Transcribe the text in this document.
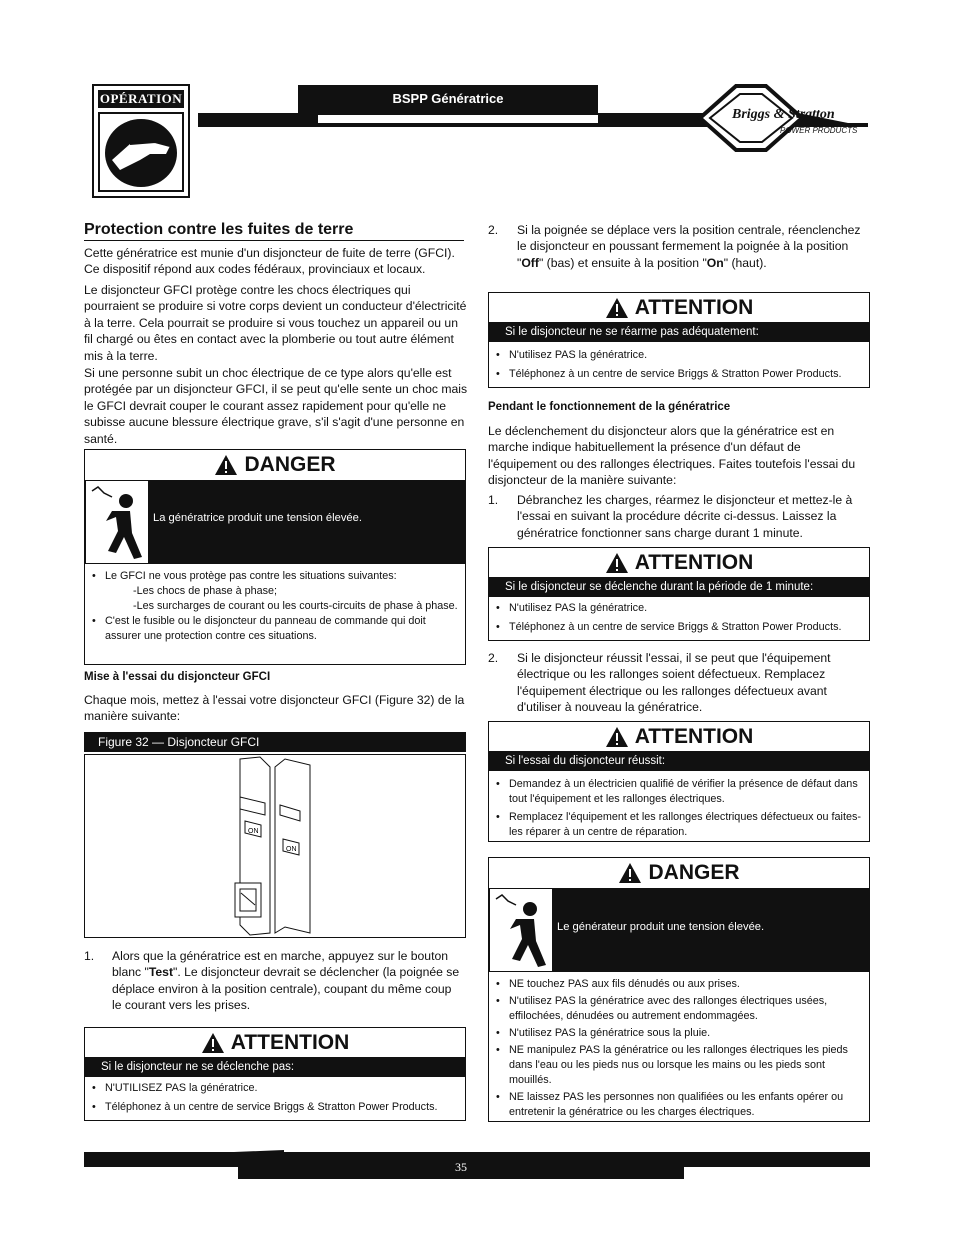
OPÉRATION	BSPP Génératrice
Briggs & Stratton
POWER PRODUCTS
Protection contre les fuites de terre
Cette génératrice est munie d'un disjoncteur de fuite de terre (GFCI). Ce dispositif répond aux codes fédéraux, provinciaux et locaux.
Le disjoncteur GFCI protège contre les chocs électriques qui pourraient se produire si votre corps devient un conducteur d'électricité à la terre. Cela pourrait se produire si vous touchez un appareil ou un fil chargé ou êtes en contact avec la plomberie ou tout autre élément mis à la terre.
Si une personne subit un choc électrique de ce type alors qu'elle est protégée par un disjoncteur GFCI, il se peut qu'elle sente un choc mais le GFCI devrait couper le courant assez rapidement pour qu'elle ne subisse aucune blessure électrique grave, s'il s'agit d'une personne en santé.
DANGER
La génératrice produit une tension élevée.
• Le GFCI ne vous protège pas contre les situations suivantes:
-Les chocs de phase à phase;
-Les surcharges de courant ou les courts-circuits de phase à phase.
• C'est le fusible ou le disjoncteur du panneau de commande qui doit assurer une protection contre ces situations.
Mise à l'essai du disjoncteur GFCI
Chaque mois, mettez à l'essai votre disjoncteur GFCI (Figure 32) de la manière suivante:
Figure 32 — Disjoncteur GFCI
ON
ON
1. Alors que la génératrice est en marche, appuyez sur le bouton blanc "Test". Le disjoncteur devrait se déclencher (la poignée se déplace environ à la position centrale), coupant du même coup le courant vers les prises.
ATTENTION
Si le disjoncteur ne se déclenche pas:
• N'UTILISEZ PAS la génératrice.
• Téléphonez à un centre de service Briggs & Stratton Power Products.
2. Si la poignée se déplace vers la position centrale, réenclenchez le disjoncteur en poussant fermement la poignée à la position "Off" (bas) et ensuite à la position "On" (haut).
ATTENTION
Si le disjoncteur ne se réarme pas adéquatement:
• N'utilisez PAS la génératrice.
• Téléphonez à un centre de service Briggs & Stratton Power Products.
Pendant le fonctionnement de la génératrice
Le déclenchement du disjoncteur alors que la génératrice est en marche indique habituellement la présence d'un défaut de l'équipement ou des rallonges électriques. Faites toutefois l'essai du disjoncteur de la manière suivante:
1. Débranchez les charges, réarmez le disjoncteur et mettez-le à l'essai en suivant la procédure décrite ci-dessus. Laissez la génératrice fonctionner sans charge durant 1 minute.
ATTENTION
Si le disjoncteur se déclenche durant la période de 1 minute:
• N'utilisez PAS la génératrice.
• Téléphonez à un centre de service Briggs & Stratton Power Products.
2. Si le disjoncteur réussit l'essai, il se peut que l'équipement électrique ou les rallonges soient défectueux. Remplacez l'équipement électrique ou les rallonges défectueux avant d'utiliser à nouveau la génératrice.
ATTENTION
Si l'essai du disjoncteur réussit:
• Demandez à un électricien qualifié de vérifier la présence de défaut dans tout l'équipement et les rallonges électriques.
• Remplacez l'équipement et les rallonges électriques défectueux ou faites-les réparer à un centre de réparation.
DANGER
Le générateur produit une tension élevée.
• NE touchez PAS aux fils dénudés ou aux prises.
• N'utilisez PAS la génératrice avec des rallonges électriques usées, effilochées, dénudées ou autrement endommagées.
• N'utilisez PAS la génératrice sous la pluie.
• NE manipulez PAS la génératrice ou les rallonges électriques les pieds dans l'eau ou les pieds nus ou lorsque les mains ou les pieds sont mouillés.
• NE laissez PAS les personnes non qualifiées ou les enfants opérer ou entretenir la génératrice ou les charges électriques.
35
